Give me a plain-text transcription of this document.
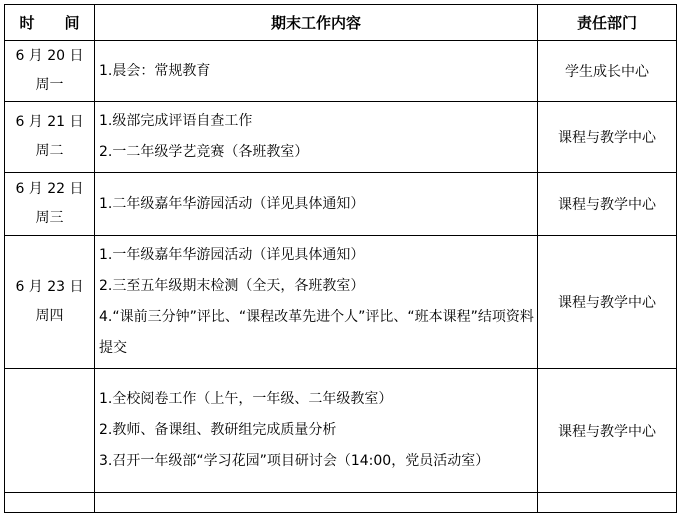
时　　间	期末工作内容	责任部门

6 月 20 日
周一	1.晨会：常规教育	学生成长中心

6 月 21 日
周二	1.级部完成评语自查工作
2.一二年级学艺竞赛（各班教室）	课程与教学中心

6 月 22 日
周三	1.二年级嘉年华游园活动（详见具体通知）	课程与教学中心

6 月 23 日
周四	1.一年级嘉年华游园活动（详见具体通知）
2.三至五年级期末检测（全天，各班教室）
4.“课前三分钟”评比、“课程改革先进个人”评比、“班本课程”结项资料提交	课程与教学中心

	1.全校阅卷工作（上午，一年级、二年级教室）
2.教师、备课组、教研组完成质量分析
3.召开一年级部“学习花园”项目研讨会（14:00，党员活动室）	课程与教学中心
